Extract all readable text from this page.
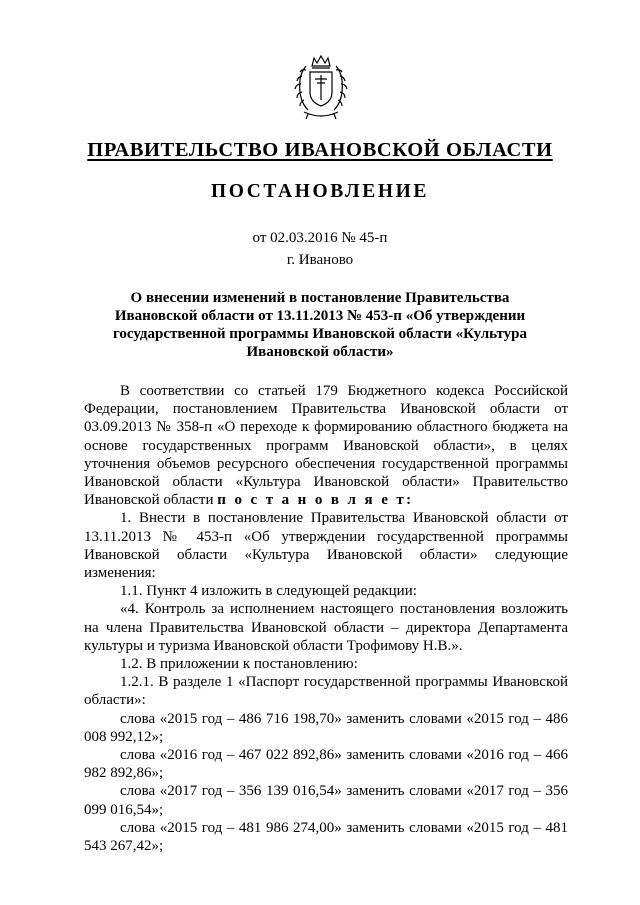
ПРАВИТЕЛЬСТВО ИВАНОВСКОЙ ОБЛАСТИ
ПОСТАНОВЛЕНИЕ
от 02.03.2016 № 45-п
г. Иваново
О внесении изменений в постановление Правительства Ивановской области от 13.11.2013 № 453-п «Об утверждении государственной программы Ивановской области «Культура Ивановской области»

В соответствии со статьей 179 Бюджетного кодекса Российской Федерации, постановлением Правительства Ивановской области от 03.09.2013 № 358-п «О переходе к формированию областного бюджета на основе государственных программ Ивановской области», в целях уточнения объемов ресурсного обеспечения государственной программы Ивановской области «Культура Ивановской области» Правительство Ивановской области п о с т а н о в л я е т:

1. Внести в постановление Правительства Ивановской области от 13.11.2013 № 453-п «Об утверждении государственной программы Ивановской области «Культура Ивановской области» следующие изменения:

1.1. Пункт 4 изложить в следующей редакции:

«4. Контроль за исполнением настоящего постановления возложить на члена Правительства Ивановской области – директора Департамента культуры и туризма Ивановской области Трофимову Н.В.».

1.2. В приложении к постановлению:

1.2.1. В разделе 1 «Паспорт государственной программы Ивановской области»:

слова «2015 год – 486 716 198,70» заменить словами «2015 год – 486 008 992,12»;

слова «2016 год – 467 022 892,86» заменить словами «2016 год – 466 982 892,86»;

слова «2017 год – 356 139 016,54» заменить словами «2017 год – 356 099 016,54»;

слова «2015 год – 481 986 274,00» заменить словами «2015 год – 481 543 267,42»;
